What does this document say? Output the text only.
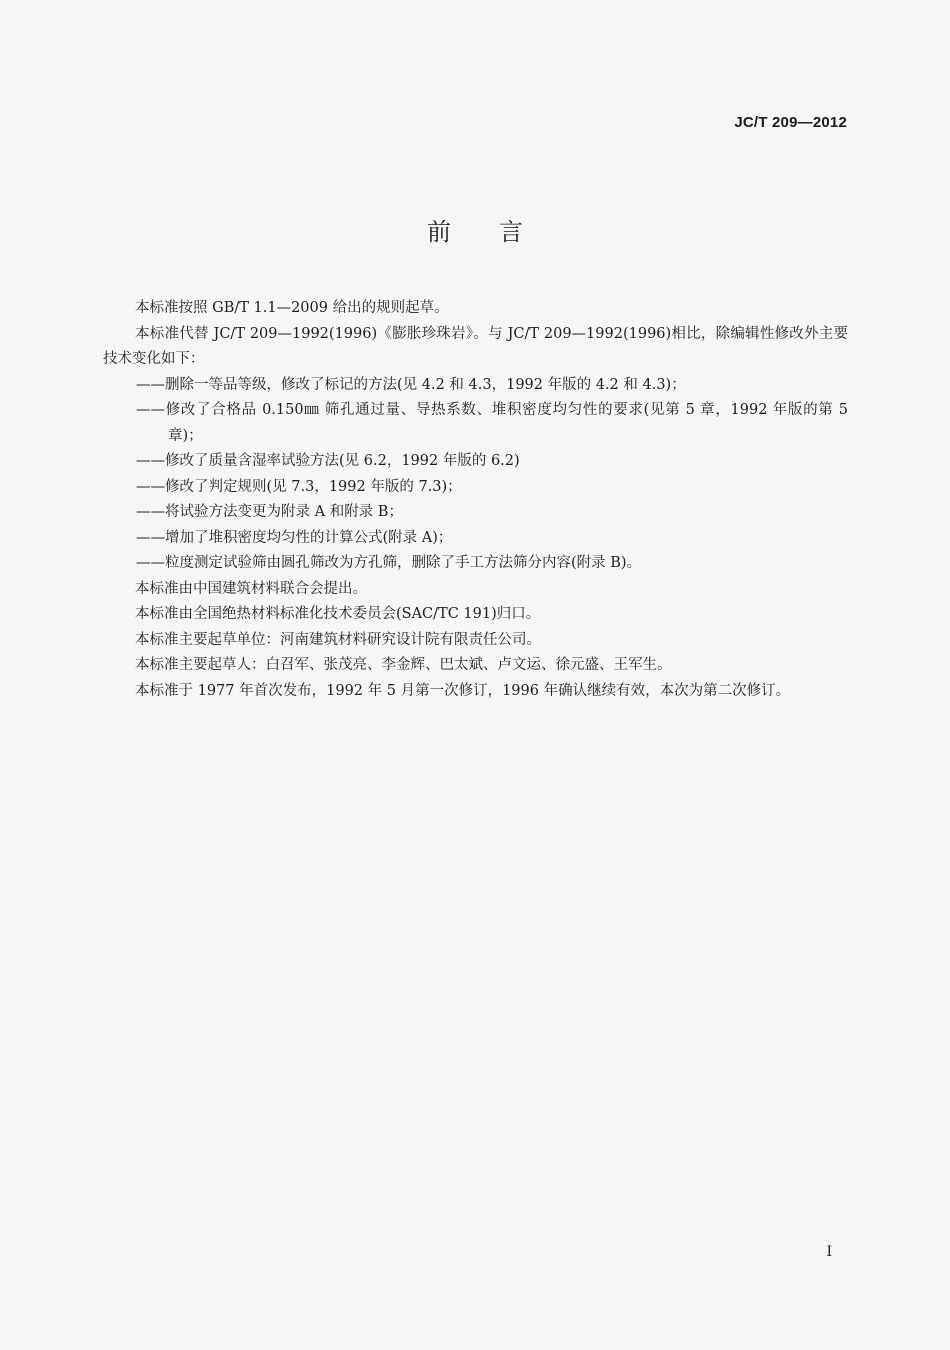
JC/T 209—2012
前言

本标准按照 GB/T 1.1—2009 给出的规则起草。

本标准代替 JC/T 209—1992(1996)《膨胀珍珠岩》。与 JC/T 209—1992(1996)相比，除编辑性修改外主要技术变化如下：

——删除一等品等级，修改了标记的方法(见 4.2 和 4.3，1992 年版的 4.2 和 4.3)；

——修改了合格品 0.150㎜ 筛孔通过量、导热系数、堆积密度均匀性的要求(见第 5 章，1992 年版的第 5 章)；

——修改了质量含湿率试验方法(见 6.2，1992 年版的 6.2)

——修改了判定规则(见 7.3，1992 年版的 7.3)；

——将试验方法变更为附录 A 和附录 B；

——增加了堆积密度均匀性的计算公式(附录 A)；

——粒度测定试验筛由圆孔筛改为方孔筛，删除了手工方法筛分内容(附录 B)。

本标准由中国建筑材料联合会提出。

本标准由全国绝热材料标准化技术委员会(SAC/TC 191)归口。

本标准主要起草单位：河南建筑材料研究设计院有限责任公司。

本标准主要起草人：白召军、张茂亮、李金辉、巴太斌、卢文运、徐元盛、王军生。

本标准于 1977 年首次发布，1992 年 5 月第一次修订，1996 年确认继续有效，本次为第二次修订。

I
